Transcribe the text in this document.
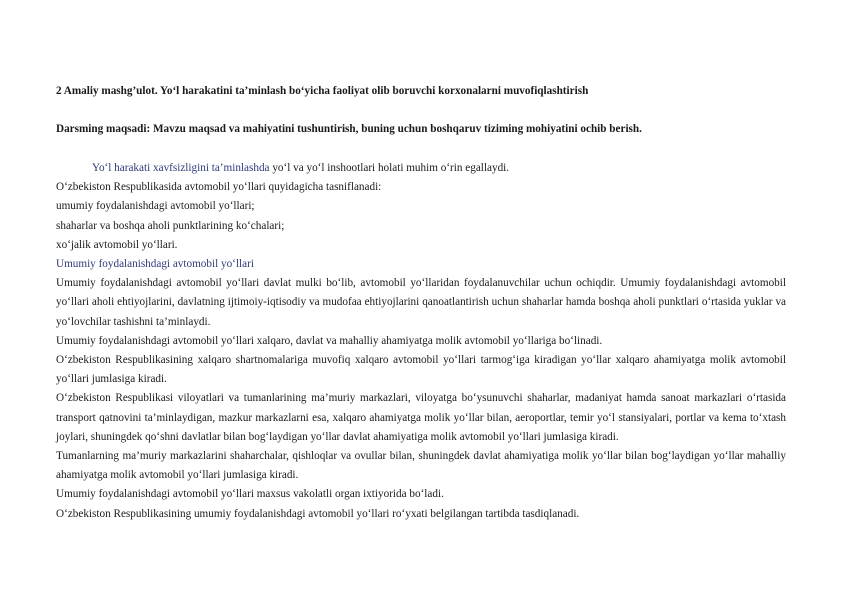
2 Amaliy mashg’ulot. Yo‘l harakatini ta’minlash bo‘yicha faoliyat olib boruvchi korxonalarni muvofiqlashtirish
Darsming maqsadi: Mavzu maqsad va mahiyatini tushuntirish, buning uchun boshqaruv tiziming mohiyatini ochib berish.

Yo‘l harakati xavfsizligini ta’minlashda yo‘l va yo‘l inshootlari holati muhim o‘rin egallaydi.

O‘zbekiston Respublikasida avtomobil yo‘llari quyidagicha tasniflanadi:

umumiy foydalanishdagi avtomobil yo‘llari;

shaharlar va boshqa aholi punktlarining ko‘chalari;

xo‘jalik avtomobil yo‘llari.

Umumiy foydalanishdagi avtomobil yo‘llari

Umumiy foydalanishdagi avtomobil yo‘llari davlat mulki bo‘lib, avtomobil yo‘llaridan foydalanuvchilar uchun ochiqdir. Umumiy foydalanishdagi avtomobil yo‘llari aholi ehtiyojlarini, davlatning ijtimoiy-iqtisodiy va mudofaa ehtiyojlarini qanoatlantirish uchun shaharlar hamda boshqa aholi punktlari o‘rtasida yuklar va yo‘lovchilar tashishni ta’minlaydi.

Umumiy foydalanishdagi avtomobil yo‘llari xalqaro, davlat va mahalliy ahamiyatga molik avtomobil yo‘llariga bo‘linadi.

O‘zbekiston Respublikasining xalqaro shartnomalariga muvofiq xalqaro avtomobil yo‘llari tarmog‘iga kiradigan yo‘llar xalqaro ahamiyatga molik avtomobil yo‘llari jumlasiga kiradi.

O‘zbekiston Respublikasi viloyatlari va tumanlarining ma’muriy markazlari, viloyatga bo‘ysunuvchi shaharlar, madaniyat hamda sanoat markazlari o‘rtasida transport qatnovini ta’minlaydigan, mazkur markazlarni esa, xalqaro ahamiyatga molik yo‘llar bilan, aeroportlar, temir yo‘l stansiyalari, portlar va kema to‘xtash joylari, shuningdek qo‘shni davlatlar bilan bog‘laydigan yo‘llar davlat ahamiyatiga molik avtomobil yo‘llari jumlasiga kiradi.

Tumanlarning ma’muriy markazlarini shaharchalar, qishloqlar va ovullar bilan, shuningdek davlat ahamiyatiga molik yo‘llar bilan bog‘laydigan yo‘llar mahalliy ahamiyatga molik avtomobil yo‘llari jumlasiga kiradi.

Umumiy foydalanishdagi avtomobil yo‘llari maxsus vakolatli organ ixtiyorida bo‘ladi.

O‘zbekiston Respublikasining umumiy foydalanishdagi avtomobil yo‘llari ro‘yxati belgilangan tartibda tasdiqlanadi.
